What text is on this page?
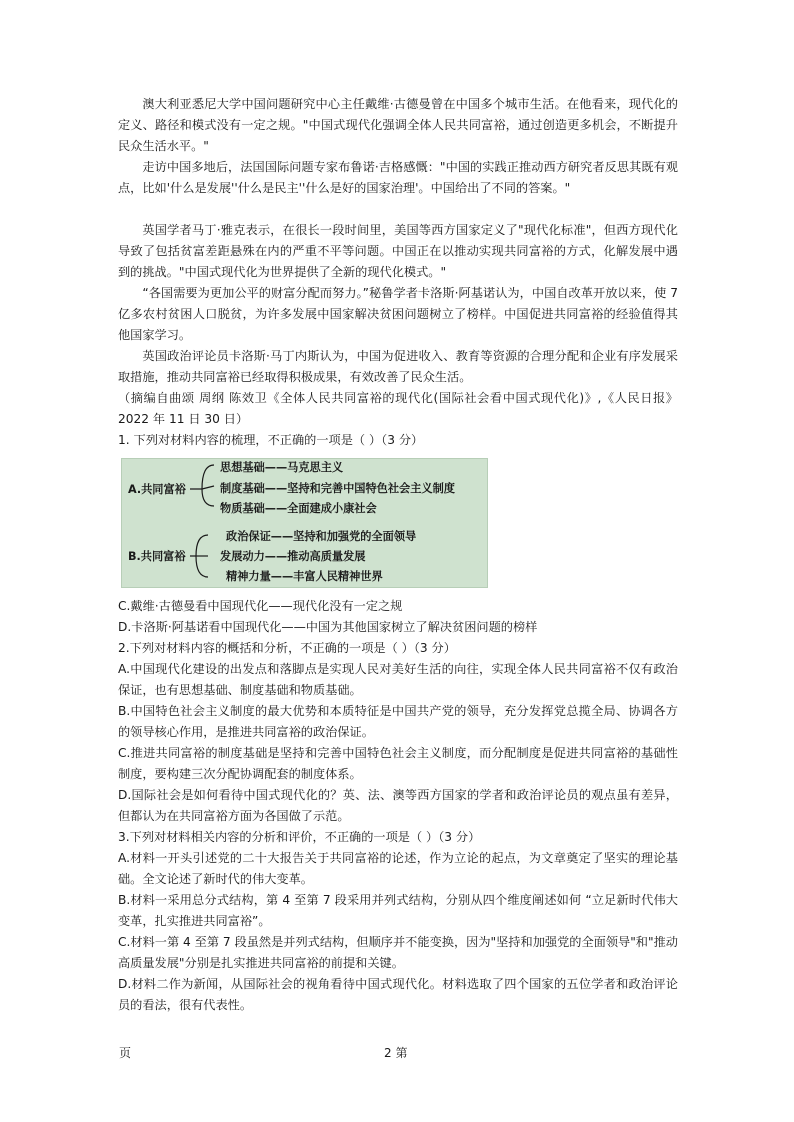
澳大利亚悉尼大学中国问题研究中心主任戴维·古德曼曾在中国多个城市生活。在他看来，现代化的定义、路径和模式没有一定之规。"中国式现代化强调全体人民共同富裕，通过创造更多机会，不断提升民众生活水平。"

走访中国多地后，法国国际问题专家布鲁诺·吉格感慨："中国的实践正推动西方研究者反思其既有观点，比如'什么是发展''什么是民主''什么是好的国家治理'。中国给出了不同的答案。"

英国学者马丁·雅克表示，在很长一段时间里，美国等西方国家定义了"现代化标准"，但西方现代化导致了包括贫富差距悬殊在内的严重不平等问题。中国正在以推动实现共同富裕的方式，化解发展中遇到的挑战。"中国式现代化为世界提供了全新的现代化模式。"

“各国需要为更加公平的财富分配而努力。”秘鲁学者卡洛斯·阿基诺认为，中国自改革开放以来，使 7 亿多农村贫困人口脱贫，为许多发展中国家解决贫困问题树立了榜样。中国促进共同富裕的经验值得其他国家学习。

英国政治评论员卡洛斯·马丁内斯认为，中国为促进收入、教育等资源的合理分配和企业有序发展采取措施，推动共同富裕已经取得积极成果，有效改善了民众生活。

（摘编自曲颂 周纲 陈效卫《全体人民共同富裕的现代化(国际社会看中国式现代化)》,《人民日报》2022 年 11 日 30 日）

1. 下列对材料内容的梳理，不正确的一项是（ ）（3 分）

A.共同富裕
思想基础——马克思主义
制度基础——坚持和完善中国特色社会主义制度
物质基础——全面建成小康社会
B.共同富裕
政治保证——坚持和加强党的全面领导
发展动力——推动高质量发展
精神力量——丰富人民精神世界

C.戴维·古德曼看中国现代化——现代化没有一定之规

D.卡洛斯·阿基诺看中国现代化——中国为其他国家树立了解决贫困问题的榜样

2.下列对材料内容的概括和分析，不正确的一项是（ ）（3 分）

A.中国现代化建设的出发点和落脚点是实现人民对美好生活的向往，实现全体人民共同富裕不仅有政治保证，也有思想基础、制度基础和物质基础。

B.中国特色社会主义制度的最大优势和本质特征是中国共产党的领导，充分发挥党总揽全局、协调各方的领导核心作用，是推进共同富裕的政治保证。

C.推进共同富裕的制度基础是坚持和完善中国特色社会主义制度，而分配制度是促进共同富裕的基础性制度，要构建三次分配协调配套的制度体系。

D.国际社会是如何看待中国式现代化的？英、法、澳等西方国家的学者和政治评论员的观点虽有差异，但都认为在共同富裕方面为各国做了示范。

3.下列对材料相关内容的分析和评价，不正确的一项是（ ）（3 分）

A.材料一开头引述党的二十大报告关于共同富裕的论述，作为立论的起点，为文章奠定了坚实的理论基础。全文论述了新时代的伟大变革。

B.材料一采用总分式结构，第 4 至第 7 段采用并列式结构，分别从四个维度阐述如何 “立足新时代伟大变革，扎实推进共同富裕”。

C.材料一第 4 至第 7 段虽然是并列式结构，但顺序并不能变换，因为"坚持和加强党的全面领导"和"推动高质量发展"分别是扎实推进共同富裕的前提和关键。

D.材料二作为新闻，从国际社会的视角看待中国式现代化。材料选取了四个国家的五位学者和政治评论员的看法，很有代表性。

页	2 第
